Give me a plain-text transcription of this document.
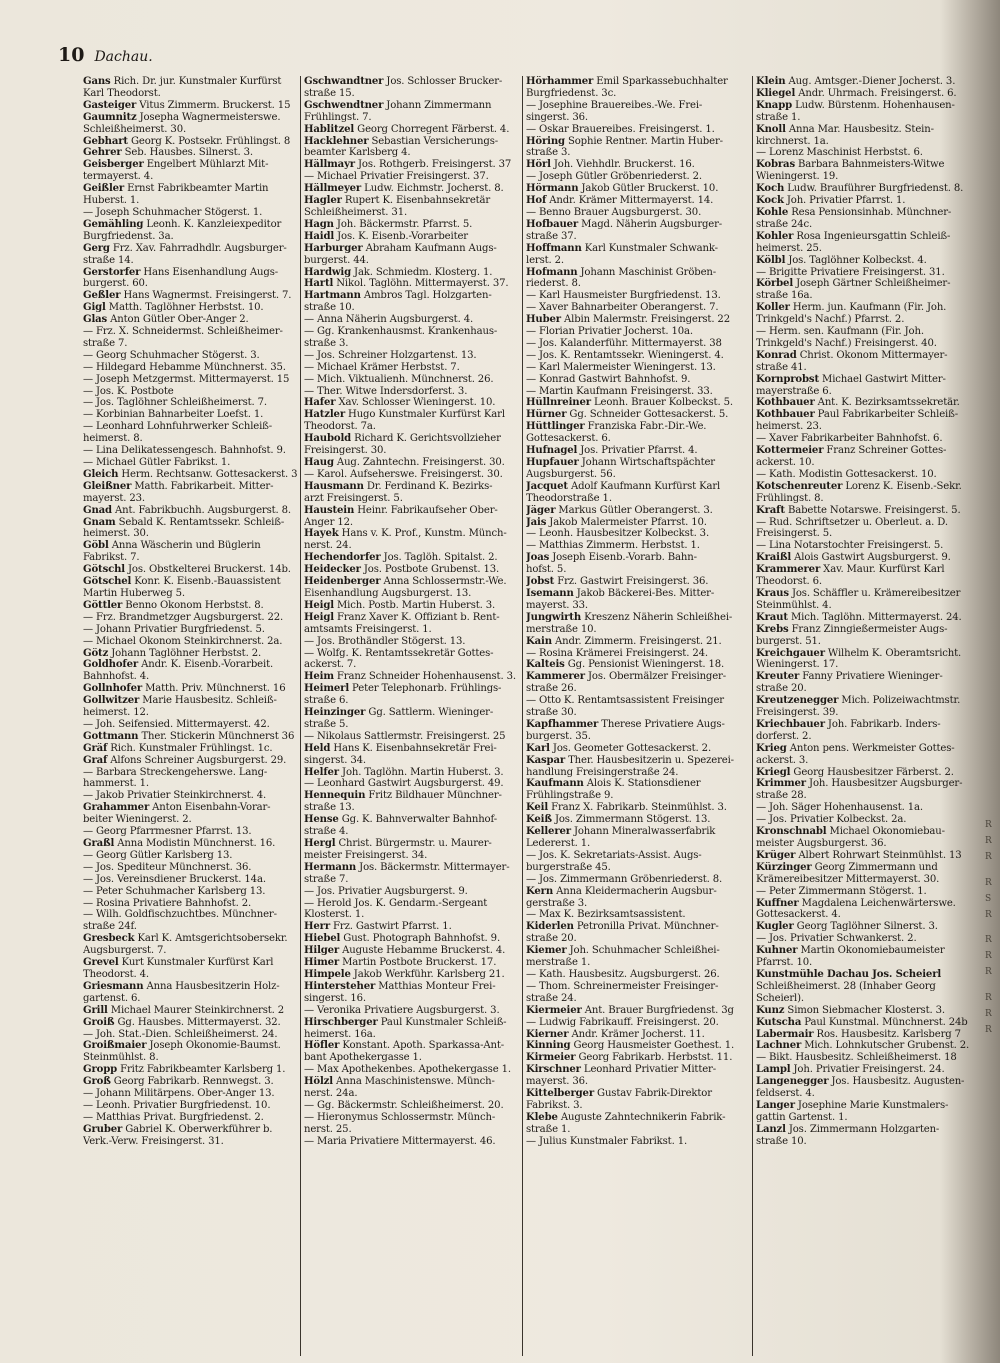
10 Dachau.

Gans Rich. Dr. jur. Kunstmaler Kurfürst

Karl Theodorst.

Gasteiger Vitus Zimmerm. Bruckerst. 15

Gaumnitz Josepha Wagnermeisterswe.

Schleißheimerst. 30.

Gebhart Georg K. Postsekr. Frühlingst. 8

Gehrer Seb. Hausbes. Silnerst. 3.

Geisberger Engelbert Mühlarzt Mit-

termayerst. 4.

Geißler Ernst Fabrikbeamter Martin

Huberst. 1.

— Joseph Schuhmacher Stögerst. 1.

Gemähling Leonh. K. Kanzleiexpeditor

Burgfriedenst. 3a.

Gerg Frz. Xav. Fahrradhdlr. Augsburger-

straße 14.

Gerstorfer Hans Eisenhandlung Augs-

burgerst. 60.

Geßler Hans Wagnermst. Freisingerst. 7.

Gigl Matth. Taglöhner Herbstst. 10.

Glas Anton Gütler Ober-Anger 2.

— Frz. X. Schneidermst. Schleißheimer-

straße 7.

— Georg Schuhmacher Stögerst. 3.

— Hildegard Hebamme Münchnerst. 35.

— Joseph Metzgermst. Mittermayerst. 15

— Jos. K. Postbote

— Jos. Taglöhner Schleißheimerst. 7.

— Korbinian Bahnarbeiter Loefst. 1.

— Leonhard Lohnfuhrwerker Schleiß-

heimerst. 8.

— Lina Delikatessengesch. Bahnhofst. 9.

— Michael Gütler Fabrikst. 1.

Gleich Herm. Rechtsanw. Gottesackerst. 3

Gleißner Matth. Fabrikarbeit. Mitter-

mayerst. 23.

Gnad Ant. Fabrikbuchh. Augsburgerst. 8.

Gnam Sebald K. Rentamtssekr. Schleiß-

heimerst. 30.

Göbl Anna Wäscherin und Büglerin

Fabrikst. 7.

Götschl Jos. Obstkelterei Bruckerst. 14b.

Götschel Konr. K. Eisenb.-Bauassistent

Martin Huberweg 5.

Göttler Benno Ökonom Herbstst. 8.

— Frz. Brandmetzger Augsburgerst. 22.

— Johann Privatier Burgfriedenst. 5.

— Michael Ökonom Steinkirchnerst. 2a.

Götz Johann Taglöhner Herbstst. 2.

Goldhofer Andr. K. Eisenb.-Vorarbeit.

Bahnhofst. 4.

Gollnhofer Matth. Priv. Münchnerst. 16

Gollwitzer Marie Hausbesitz. Schleiß-

heimerst. 12.

— Joh. Seifensied. Mittermayerst. 42.

Gottmann Ther. Stickerin Münchnerst 36

Gräf Rich. Kunstmaler Frühlingst. 1c.

Graf Alfons Schreiner Augsburgerst. 29.

— Barbara Streckengeherswe. Lang-

hammerst. 1.

— Jakob Privatier Steinkirchnerst. 4.

Grahammer Anton Eisenbahn-Vorar-

beiter Wieningerst. 2.

— Georg Pfarrmesner Pfarrst. 13.

Graßl Anna Modistin Münchnerst. 16.

— Georg Gütler Karlsberg 13.

— Jos. Spediteur Münchnerst. 36.

— Jos. Vereinsdiener Bruckerst. 14a.

— Peter Schuhmacher Karlsberg 13.

— Rosina Privatiere Bahnhofst. 2.

— Wilh. Goldfischzuchtbes. Münchner-

straße 24f.

Gresbeck Karl K. Amtsgerichtsobersekr.

Augsburgerst. 7.

Grevel Kurt Kunstmaler Kurfürst Karl

Theodorst. 4.

Griesmann Anna Hausbesitzerin Holz-

gartenst. 6.

Grill Michael Maurer Steinkirchnerst. 2

Groiß Gg. Hausbes. Mittermayerst. 32.

— Joh. Stat.-Dien. Schleißheimerst. 24.

Groißmaier Joseph Ökonomie-Baumst.

Steinmühlst. 8.

Gropp Fritz Fabrikbeamter Karlsberg 1.

Groß Georg Fabrikarb. Rennwegst. 3.

— Johann Militärpens. Ober-Anger 13.

— Leonh. Privatier Burgfriedenst. 10.

— Matthias Privat. Burgfriedenst. 2.

Gruber Gabriel K. Oberwerkführer b.

Verk.-Verw. Freisingerst. 31.

Gschwandtner Jos. Schlosser Brucker-

straße 15.

Gschwendtner Johann Zimmermann

Frühlingst. 7.

Hablitzel Georg Chorregent Färberst. 4.

Hacklehner Sebastian Versicherungs-

beamter Karlsberg 4.

Hällmayr Jos. Rothgerb. Freisingerst. 37

— Michael Privatier Freisingerst. 37.

Hällmeyer Ludw. Eichmstr. Jocherst. 8.

Hagler Rupert K. Eisenbahnsekretär

Schleißheimerst. 31.

Hagn Joh. Bäckermstr. Pfarrst. 5.

Haidl Jos. K. Eisenb.-Vorarbeiter

Harburger Abraham Kaufmann Augs-

burgerst. 44.

Hardwig Jak. Schmiedm. Klosterg. 1.

Hartl Nikol. Taglöhn. Mittermayerst. 37.

Hartmann Ambros Tagl. Holzgarten-

straße 10.

— Anna Näherin Augsburgerst. 4.

— Gg. Krankenhausmst. Krankenhaus-

straße 3.

— Jos. Schreiner Holzgartenst. 13.

— Michael Krämer Herbstst. 7.

— Mich. Viktualienh. Münchnerst. 26.

— Ther. Witwe Indersdorferst. 3.

Hafer Xav. Schlosser Wieningerst. 10.

Hatzler Hugo Kunstmaler Kurfürst Karl

Theodorst. 7a.

Haubold Richard K. Gerichtsvollzieher

Freisingerst. 30.

Haug Aug. Zahntechn. Freisingerst. 30.

— Karol. Aufseherswe. Freisingerst. 30.

Hausmann Dr. Ferdinand K. Bezirks-

arzt Freisingerst. 5.

Haustein Heinr. Fabrikaufseher Ober-

Anger 12.

Hayek Hans v. K. Prof., Kunstm. Münch-

nerst. 24.

Hechendorfer Jos. Taglöh. Spitalst. 2.

Heidecker Jos. Postbote Grubenst. 13.

Heidenberger Anna Schlossermstr.-We.

Eisenhandlung Augsburgerst. 13.

Heigl Mich. Postb. Martin Huberst. 3.

Heigl Franz Xaver K. Offiziant b. Rent-

amtsamts Freisingerst. 1.

— Jos. Brothändler Stögerst. 13.

— Wolfg. K. Rentamtssekretär Gottes-

ackerst. 7.

Heim Franz Schneider Hohenhausenst. 3.

Heimerl Peter Telephonarb. Frühlings-

straße 6.

Heinzinger Gg. Sattlerm. Wieninger-

straße 5.

— Nikolaus Sattlermstr. Freisingerst. 25

Held Hans K. Eisenbahnsekretär Frei-

singerst. 34.

Helfer Joh. Taglöhn. Martin Huberst. 3.

— Leonhard Gastwirt Augsburgerst. 49.

Hennequin Fritz Bildhauer Münchner-

straße 13.

Hense Gg. K. Bahnverwalter Bahnhof-

straße 4.

Hergl Christ. Bürgermstr. u. Maurer-

meister Freisingerst. 34.

Hermann Jos. Bäckermstr. Mittermayer-

straße 7.

— Jos. Privatier Augsburgerst. 9.

— Herold Jos. K. Gendarm.-Sergeant

Klosterst. 1.

Herr Frz. Gastwirt Pfarrst. 1.

Hiebel Gust. Photograph Bahnhofst. 9.

Hilger Auguste Hebamme Bruckerst. 4.

Himer Martin Postbote Bruckerst. 17.

Himpele Jakob Werkführ. Karlsberg 21.

Hintersteher Matthias Monteur Frei-

singerst. 16.

— Veronika Privatiere Augsburgerst. 3.

Hirschberger Paul Kunstmaler Schleiß-

heimerst. 16a.

Höfler Konstant. Apoth. Sparkassa-Ant-

bant Apothekergasse 1.

— Max Apothekenbes. Apothekergasse 1.

Hölzl Anna Maschinistenswe. Münch-

nerst. 24a.

— Gg. Bäckermstr. Schleißheimerst. 20.

— Hieronymus Schlossermstr. Münch-

nerst. 25.

— Maria Privatiere Mittermayerst. 46.

Hörhammer Emil Sparkassebuchhalter

Burgfriedenst. 3c.

— Josephine Brauereibes.-We. Frei-

singerst. 36.

— Oskar Brauereibes. Freisingerst. 1.

Höring Sophie Rentner. Martin Huber-

straße 3.

Hörl Joh. Viehhdlr. Bruckerst. 16.

— Joseph Gütler Gröbenriederst. 2.

Hörmann Jakob Gütler Bruckerst. 10.

Hof Andr. Krämer Mittermayerst. 14.

— Benno Brauer Augsburgerst. 30.

Hofbauer Magd. Näherin Augsburger-

straße 37.

Hoffmann Karl Kunstmaler Schwank-

lerst. 2.

Hofmann Johann Maschinist Gröben-

riederst. 8.

— Karl Hausmeister Burgfriedenst. 13.

— Xaver Bahnarbeiter Oberangerst. 7.

Huber Albin Malermstr. Freisingerst. 22

— Florian Privatier Jocherst. 10a.

— Jos. Kalanderführ. Mittermayerst. 38

— Jos. K. Rentamtssekr. Wieningerst. 4.

— Karl Malermeister Wieningerst. 13.

— Konrad Gastwirt Bahnhofst. 9.

— Martin Kaufmann Freisingerst. 33.

Hüllnreiner Leonh. Brauer Kolbeckst. 5.

Hürner Gg. Schneider Gottesackerst. 5.

Hüttlinger Franziska Fabr.-Dir.-We.

Gottesackerst. 6.

Hufnagel Jos. Privatier Pfarrst. 4.

Hupfauer Johann Wirtschaftspächter

Augsburgerst. 56.

Jacquet Adolf Kaufmann Kurfürst Karl

Theodorstraße 1.

Jäger Markus Gütler Oberangerst. 3.

Jais Jakob Malermeister Pfarrst. 10.

— Leonh. Hausbesitzer Kolbeckst. 3.

— Matthias Zimmerm. Herbstst. 1.

Joas Joseph Eisenb.-Vorarb. Bahn-

hofst. 5.

Jobst Frz. Gastwirt Freisingerst. 36.

Isemann Jakob Bäckerei-Bes. Mitter-

mayerst. 33.

Jungwirth Kreszenz Näherin Schleißhei-

merstraße 10.

Kain Andr. Zimmerm. Freisingerst. 21.

— Rosina Krämerei Freisingerst. 24.

Kalteis Gg. Pensionist Wieningerst. 18.

Kammerer Jos. Obermälzer Freisinger-

straße 26.

— Otto K. Rentamtsassistent Freisinger

straße 30.

Kapfhammer Therese Privatiere Augs-

burgerst. 35.

Karl Jos. Geometer Gottesackerst. 2.

Kaspar Ther. Hausbesitzerin u. Spezerei-

handlung Freisingerstraße 24.

Kaufmann Alois K. Stationsdiener

Frühlingstraße 9.

Keil Franz X. Fabrikarb. Steinmühlst. 3.

Keiß Jos. Zimmermann Stögerst. 13.

Kellerer Johann Mineralwasserfabrik

Ledererst. 1.

— Jos. K. Sekretariats-Assist. Augs-

burgerstraße 45.

— Jos. Zimmermann Gröbenriederst. 8.

Kern Anna Kleidermacherin Augsbur-

gerstraße 3.

— Max K. Bezirksamtsassistent.

Kiderlen Petronilla Privat. Münchner-

straße 20.

Kiemer Joh. Schuhmacher Schleißhei-

merstraße 1.

— Kath. Hausbesitz. Augsburgerst. 26.

— Thom. Schreinermeister Freisinger-

straße 24.

Kiermeier Ant. Brauer Burgfriedenst. 3g

— Ludwig Fabrikauff. Freisingerst. 20.

Kierner Andr. Krämer Jocherst. 11.

Kinning Georg Hausmeister Goethest. 1.

Kirmeier Georg Fabrikarb. Herbstst. 11.

Kirschner Leonhard Privatier Mitter-

mayerst. 36.

Kittelberger Gustav Fabrik-Direktor

Fabrikst. 3.

Klebe Auguste Zahntechnikerin Fabrik-

straße 1.

— Julius Kunstmaler Fabrikst. 1.

Klein Aug. Amtsger.-Diener Jocherst. 3.

Kliegel Andr. Uhrmach. Freisingerst. 6.

Knapp Ludw. Bürstenm. Hohenhausen-

straße 1.

Knoll Anna Mar. Hausbesitz. Stein-

kirchnerst. 1a.

— Lorenz Maschinist Herbstst. 6.

Kobras Barbara Bahnmeisters-Witwe

Wieningerst. 19.

Koch Ludw. Brauführer Burgfriedenst. 8.

Kock Joh. Privatier Pfarrst. 1.

Kohle Resa Pensionsinhab. Münchner-

straße 24c.

Kohler Rosa Ingenieursgattin Schleiß-

heimerst. 25.

Kölbl Jos. Taglöhner Kolbeckst. 4.

— Brigitte Privatiere Freisingerst. 31.

Körbel Joseph Gärtner Schleißheimer-

straße 16a.

Koller Herm. jun. Kaufmann (Fir. Joh.

Trinkgeld's Nachf.) Pfarrst. 2.

— Herm. sen. Kaufmann (Fir. Joh.

Trinkgeld's Nachf.) Freisingerst. 40.

Konrad Christ. Ökonom Mittermayer-

straße 41.

Kornprobst Michael Gastwirt Mitter-

mayerstraße 6.

Kothbauer Ant. K. Bezirksamtssekretär.

Kothbauer Paul Fabrikarbeiter Schleiß-

heimerst. 23.

— Xaver Fabrikarbeiter Bahnhofst. 6.

Kottermeier Franz Schreiner Gottes-

ackerst. 10.

— Kath. Modistin Gottesackerst. 10.

Kotschenreuter Lorenz K. Eisenb.-Sekr.

Frühlingst. 8.

Kraft Babette Notarswe. Freisingerst. 5.

— Rud. Schriftsetzer u. Oberleut. a. D.

Freisingerst. 5.

— Lina Notarstochter Freisingerst. 5.

Kraißl Alois Gastwirt Augsburgerst. 9.

Krammerer Xav. Maur. Kurfürst Karl

Theodorst. 6.

Kraus Jos. Schäffler u. Krämereibesitzer

Steinmühlst. 4.

Kraut Mich. Taglöhn. Mittermayerst. 24.

Krebs Franz Zinngießermeister Augs-

burgerst. 51.

Kreichgauer Wilhelm K. Oberamtsricht.

Wieningerst. 17.

Kreuter Fanny Privatiere Wieninger-

straße 20.

Kreutzenegger Mich. Polizeiwachtmstr.

Freisingerst. 39.

Kriechbauer Joh. Fabrikarb. Inders-

dorferst. 2.

Krieg Anton pens. Werkmeister Gottes-

ackerst. 3.

Kriegl Georg Hausbesitzer Färberst. 2.

Krimmer Joh. Hausbesitzer Augsburger-

straße 28.

— Joh. Säger Hohenhausenst. 1a.

— Jos. Privatier Kolbeckst. 2a.

Kronschnabl Michael Ökonomiebau-

meister Augsburgerst. 36.

Krüger Albert Rohrwart Steinmühlst. 13

Kürzinger Georg Zimmermann und

Krämereibesitzer Mittermayerst. 30.

— Peter Zimmermann Stögerst. 1.

Kuffner Magdalena Leichenwärterswe.

Gottesackerst. 4.

Kugler Georg Taglöhner Silnerst. 3.

— Jos. Privatier Schwankerst. 2.

Kuhner Martin Ökonomiebaumeister

Pfarrst. 10.

Kunstmühle Dachau Jos. Scheierl

Schleißheimerst. 28 (Inhaber Georg

Scheierl).

Kunz Simon Siebmacher Klosterst. 3.

Kutscha Paul Kunstmal. Münchnerst. 24b

Labermair Ros. Hausbesitz. Karlsberg 7

Lachner Mich. Lohnkutscher Grubenst. 2.

— Bikt. Hausbesitz. Schleißheimerst. 18

Lampl Joh. Privatier Freisingerst. 24.

Langenegger Jos. Hausbesitz. Augusten-

feldserst. 4.

Langer Josephine Marie Kunstmalers-

gattin Gartenst. 1.

Lanzl Jos. Zimmermann Holzgarten-

straße 10.

R
R
R
R
S
R
R
R
R
R
R
R
